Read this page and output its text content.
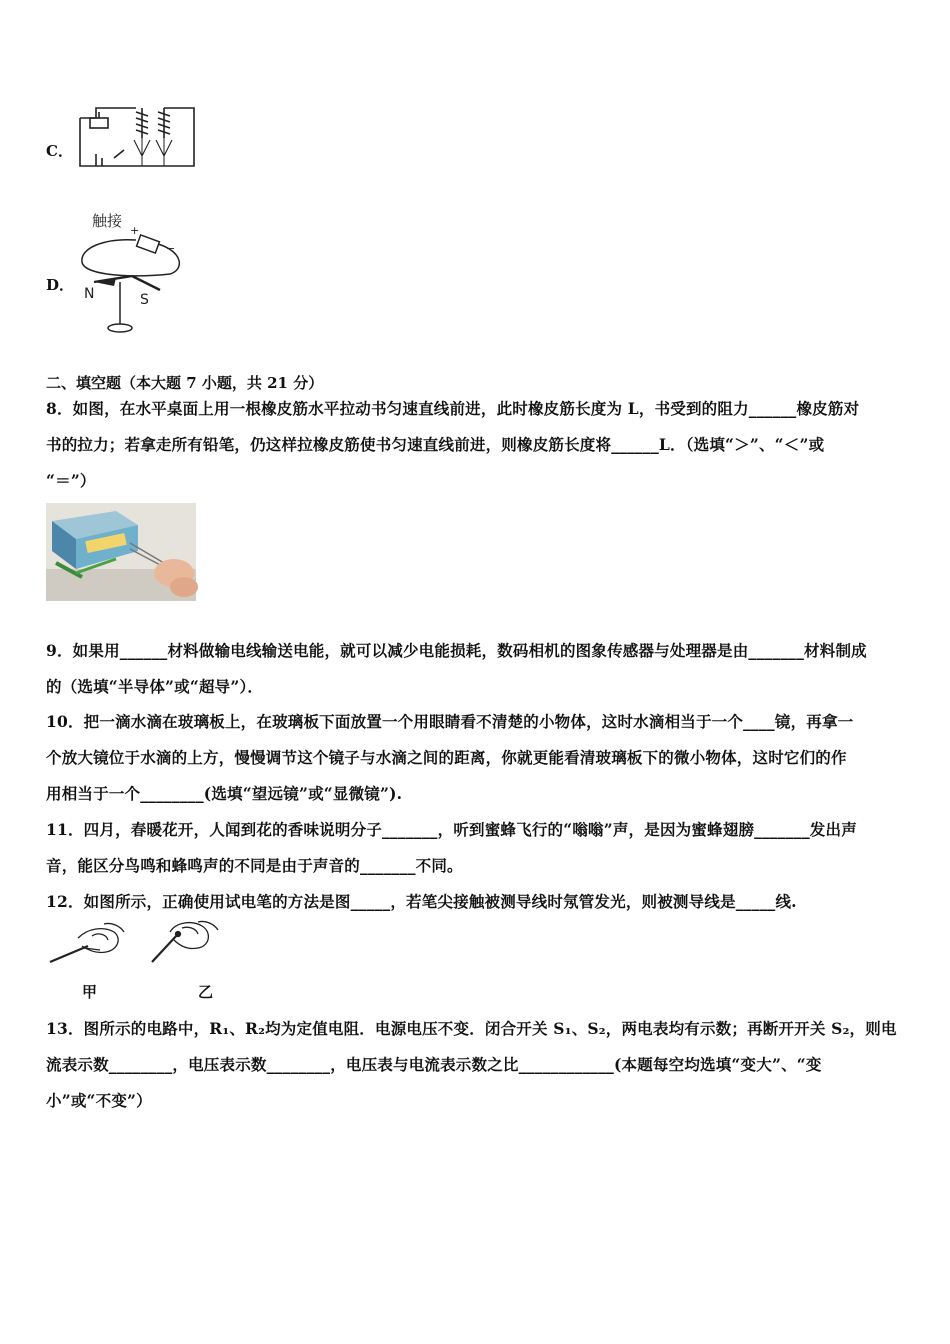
C．
D．
触接
+
−
N	S
二、填空题（本大题 7 小题，共 21 分）
8．如图，在水平桌面上用一根橡皮筋水平拉动书匀速直线前进，此时橡皮筋长度为 L，书受到的阻力______橡皮筋对
书的拉力；若拿走所有铅笔，仍这样拉橡皮筋使书匀速直线前进，则橡皮筋长度将______L．（选填“＞”、“＜”或
“＝”）
9．如果用______材料做输电线输送电能，就可以减少电能损耗，数码相机的图象传感器与处理器是由_______材料制成
的（选填“半导体”或“超导”）．
10．把一滴水滴在玻璃板上，在玻璃板下面放置一个用眼睛看不清楚的小物体，这时水滴相当于一个____镜，再拿一
个放大镜位于水滴的上方，慢慢调节这个镜子与水滴之间的距离，你就更能看清玻璃板下的微小物体，这时它们的作
用相当于一个________(选填“望远镜”或“显微镜”).
11．四月，春暖花开，人闻到花的香味说明分子_______，听到蜜蜂飞行的“嗡嗡”声，是因为蜜蜂翅膀_______发出声
音，能区分鸟鸣和蜂鸣声的不同是由于声音的_______不同。
12．如图所示，正确使用试电笔的方法是图_____，若笔尖接触被测导线时氖管发光，则被测导线是_____线.
甲	乙
13．图所示的电路中，R₁、R₂均为定值电阻．电源电压不变．闭合开关 S₁、S₂，两电表均有示数；再断开开关 S₂，则电
流表示数________，电压表示数________，电压表与电流表示数之比____________(本题每空均选填“变大”、“变
小”或“不变”）
